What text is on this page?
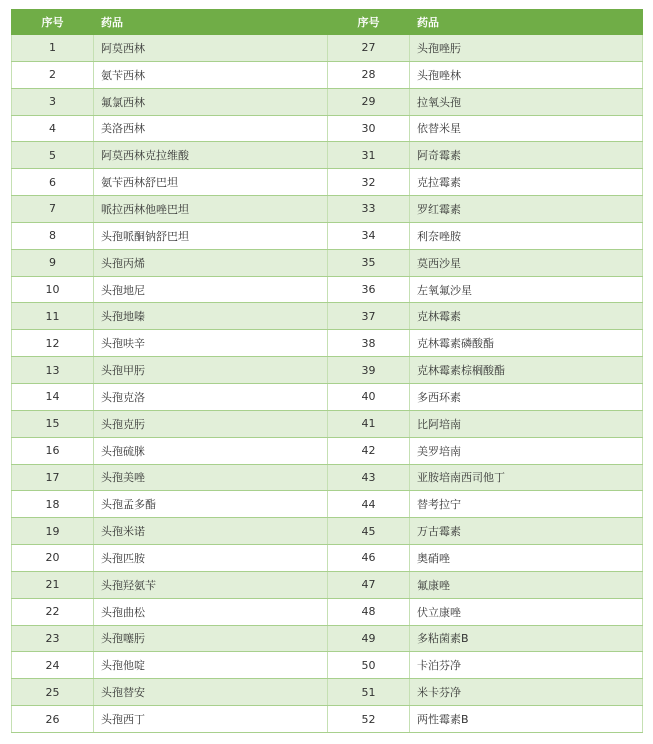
序号	药品	序号	药品
1	阿莫西林	27	头孢唑肟
2	氨苄西林	28	头孢唑林
3	氟氯西林	29	拉氧头孢
4	美洛西林	30	依替米星
5	阿莫西林克拉维酸	31	阿奇霉素
6	氨苄西林舒巴坦	32	克拉霉素
7	哌拉西林他唑巴坦	33	罗红霉素
8	头孢哌酮钠舒巴坦	34	利奈唑胺
9	头孢丙烯	35	莫西沙星
10	头孢地尼	36	左氧氟沙星
11	头孢地嗪	37	克林霉素
12	头孢呋辛	38	克林霉素磷酸酯
13	头孢甲肟	39	克林霉素棕榈酸酯
14	头孢克洛	40	多西环素
15	头孢克肟	41	比阿培南
16	头孢硫脒	42	美罗培南
17	头孢美唑	43	亚胺培南西司他丁
18	头孢孟多酯	44	替考拉宁
19	头孢米诺	45	万古霉素
20	头孢匹胺	46	奥硝唑
21	头孢羟氨苄	47	氟康唑
22	头孢曲松	48	伏立康唑
23	头孢噻肟	49	多粘菌素B
24	头孢他啶	50	卡泊芬净
25	头孢替安	51	米卡芬净
26	头孢西丁	52	两性霉素B
